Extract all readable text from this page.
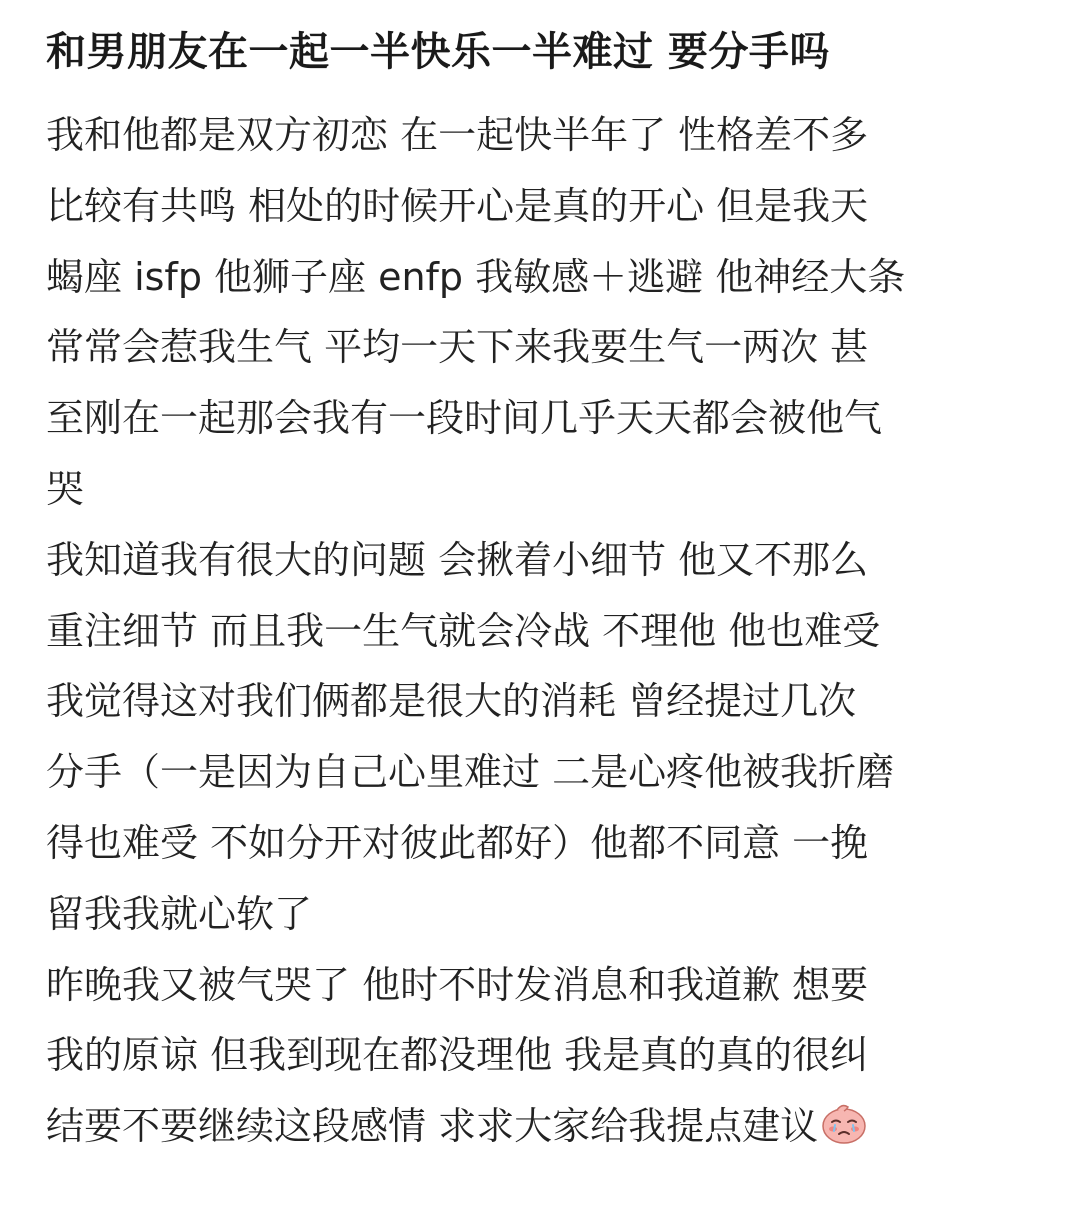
和男朋友在一起一半快乐一半难过 要分手吗
我和他都是双方初恋 在一起快半年了 性格差不多
比较有共鸣 相处的时候开心是真的开心 但是我天
蝎座 isfp 他狮子座 enfp 我敏感＋逃避 他神经大条
常常会惹我生气 平均一天下来我要生气一两次 甚
至刚在一起那会我有一段时间几乎天天都会被他气
哭
我知道我有很大的问题 会揪着小细节 他又不那么
重注细节 而且我一生气就会冷战 不理他 他也难受
我觉得这对我们俩都是很大的消耗 曾经提过几次
分手（一是因为自己心里难过 二是心疼他被我折磨
得也难受 不如分开对彼此都好）他都不同意 一挽
留我我就心软了
昨晚我又被气哭了 他时不时发消息和我道歉 想要
我的原谅 但我到现在都没理他 我是真的真的很纠
结要不要继续这段感情 求求大家给我提点建议
